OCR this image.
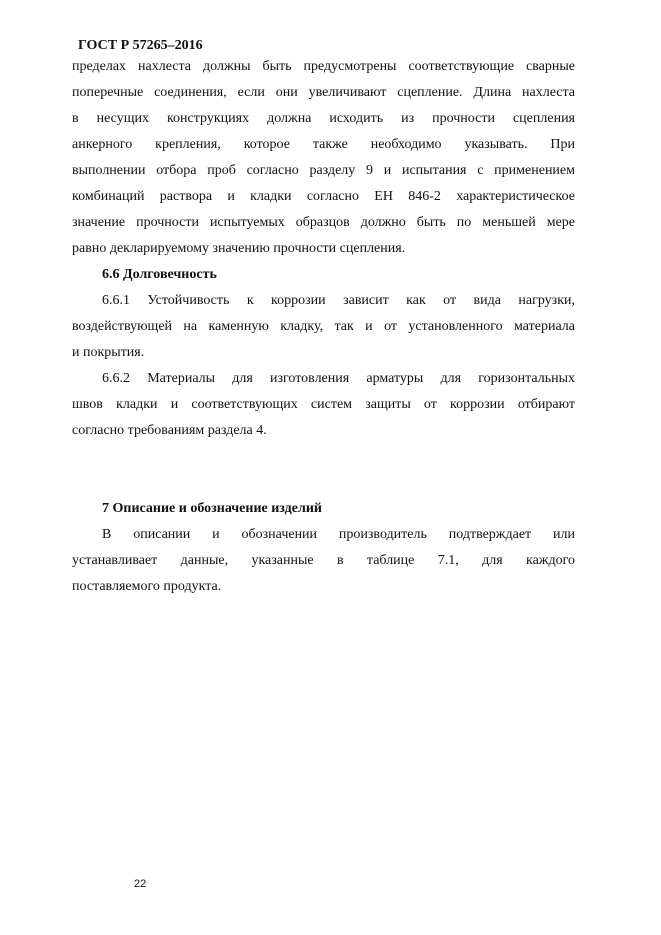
ГОСТ Р 57265–2016

пределах нахлеста должны быть предусмотрены соответствующие сварные

поперечные соединения, если они увеличивают сцепление. Длина нахлеста

в несущих конструкциях должна исходить из прочности сцепления

анкерного крепления, которое также необходимо указывать. При

выполнении отбора проб согласно разделу 9 и испытания с применением

комбинаций раствора и кладки согласно ЕН 846-2 характеристическое

значение прочности испытуемых образцов должно быть по меньшей мере

равно декларируемому значению прочности сцепления.

6.6 Долговечность

6.6.1 Устойчивость к коррозии зависит как от вида нагрузки,

воздействующей на каменную кладку, так и от установленного материала

и покрытия.

6.6.2 Материалы для изготовления арматуры для горизонтальных

швов кладки и соответствующих систем защиты от коррозии отбирают

согласно требованиям раздела 4.

7 Описание и обозначение изделий

В описании и обозначении производитель подтверждает или

устанавливает данные, указанные в таблице 7.1, для каждого

поставляемого продукта.

22
